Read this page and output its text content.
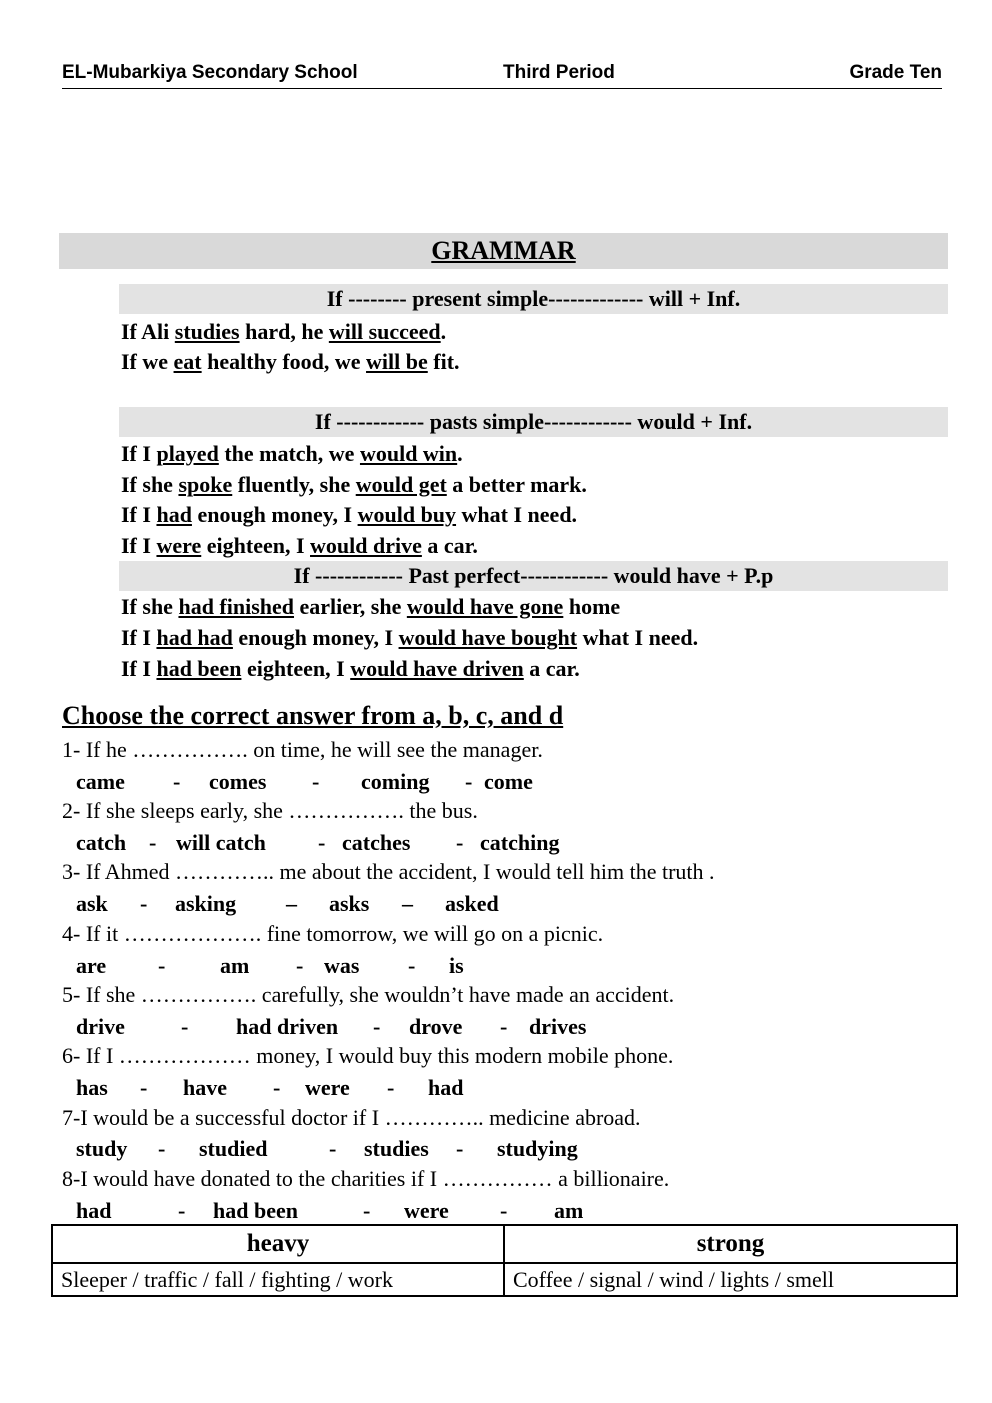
EL-Mubarkiya Secondary School	Third Period	Grade Ten
GRAMMAR
If -------- present simple------------- will + Inf.
If Ali studies hard, he will succeed.
If we eat healthy food, we will be fit.
If ------------ pasts simple------------ would + Inf.
If I played the match, we would win.
If she spoke fluently, she would get a better mark.
If I had enough money, I would buy what I need.
If I were eighteen, I would drive a car.
If ------------ Past perfect------------ would have + P.p
If she had finished earlier, she would have gone home
If I had had enough money, I would have bought what I need.
If I had been eighteen, I would have driven a car.
Choose the correct answer from a, b, c, and d
1- If he ……………. on time, he will see the manager.
came - comes - coming - come
2- If she sleeps early, she ……………. the bus.
catch - will catch - catches - catching
3- If Ahmed ………….. me about the accident, I would tell him the truth .
ask - asking – asks – asked
4- If it ………………. fine tomorrow, we will go on a picnic.
are - am - was - is
5- If she ……………. carefully, she wouldn’t have made an accident.
drive	- had driven - drove - drives
6- If I ……………… money, I would buy this modern mobile phone.
has - have - were - had
7-I would be a successful doctor if I ………….. medicine abroad.
study - studied	- studies - studying
8-I would have donated to the charities if I …………… a billionaire.
had	- had been	- were - am
heavy	strong
Sleeper / traffic / fall / fighting / work	Coffee / signal / wind / lights / smell
